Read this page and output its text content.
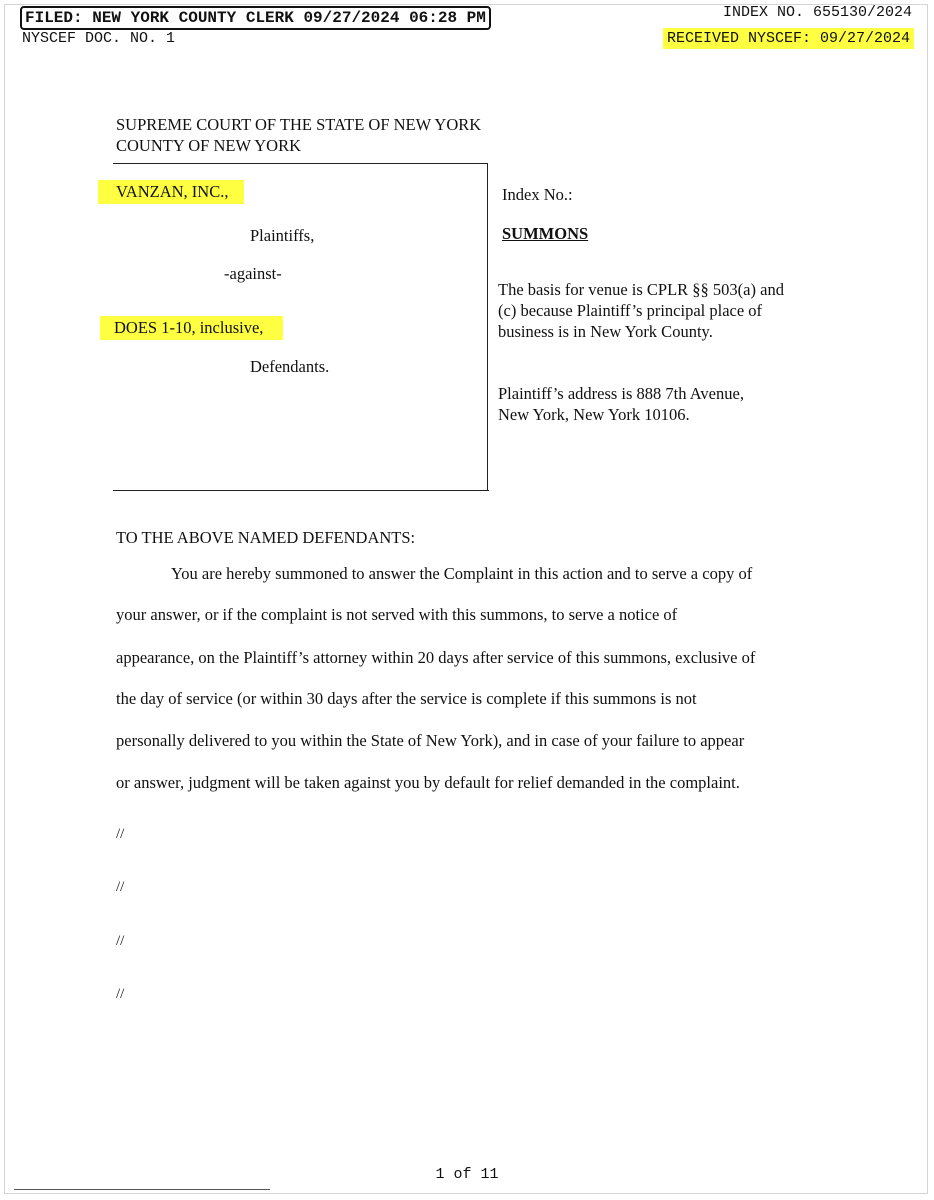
FILED: NEW YORK COUNTY CLERK 09/27/2024 06:28 PM
NYSCEF DOC. NO. 1
INDEX NO. 655130/2024
RECEIVED NYSCEF: 09/27/2024
SUPREME COURT OF THE STATE OF NEW YORK
COUNTY OF NEW YORK
VANZAN, INC.,
Plaintiffs,
-against-
DOES 1-10, inclusive,
Defendants.
Index No.:
SUMMONS
The basis for venue is CPLR §§ 503(a) and
(c) because Plaintiff’s principal place of
business is in New York County.
Plaintiff’s address is 888 7th Avenue,
New York, New York 10106.
TO THE ABOVE NAMED DEFENDANTS:
You are hereby summoned to answer the Complaint in this action and to serve a copy of
your answer, or if the complaint is not served with this summons, to serve a notice of
appearance, on the Plaintiff’s attorney within 20 days after service of this summons, exclusive of
the day of service (or within 30 days after the service is complete if this summons is not
personally delivered to you within the State of New York), and in case of your failure to appear
or answer, judgment will be taken against you by default for relief demanded in the complaint.
//
//
//
//
1 of 11
